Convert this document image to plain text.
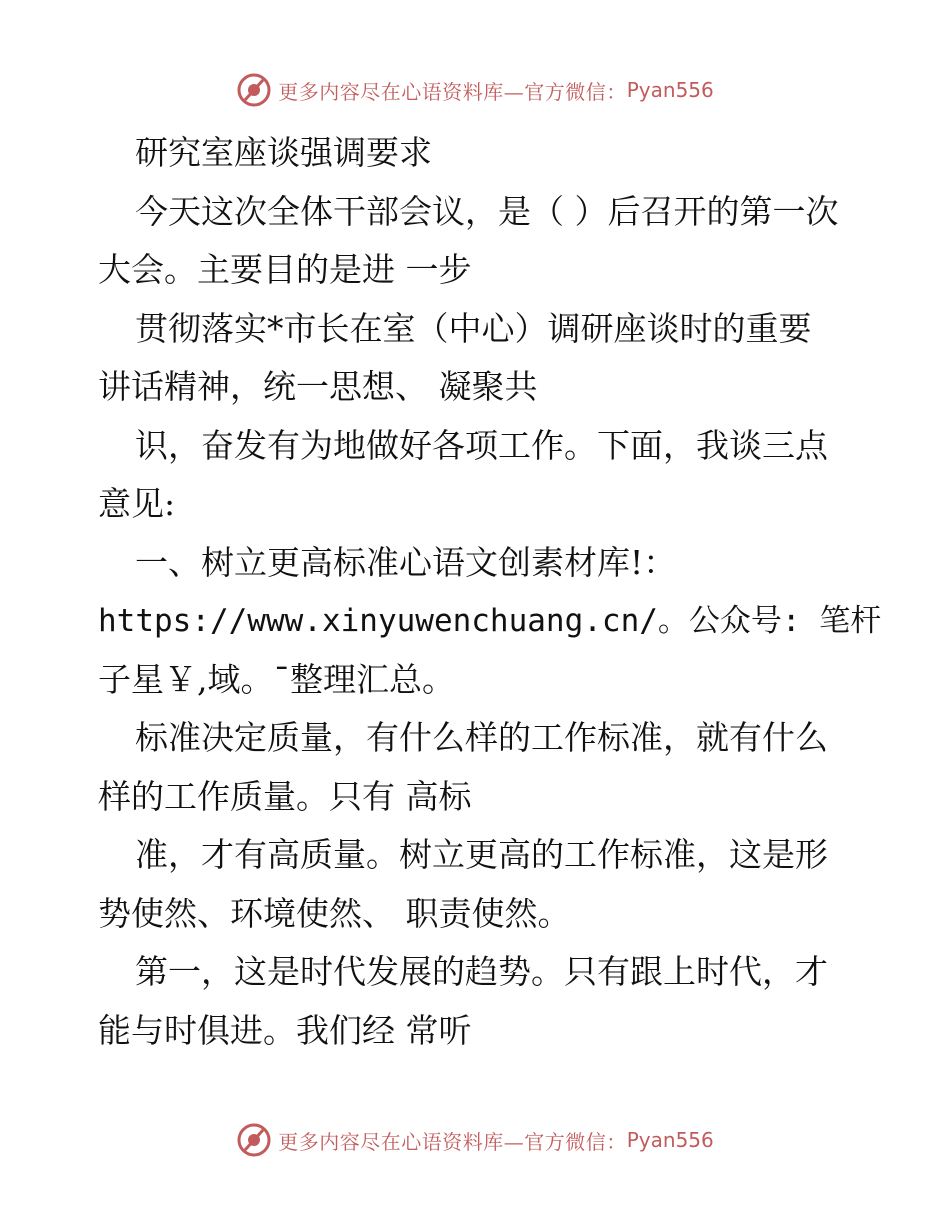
更多内容尽在心语资料库—官方微信： Pyan556
研究室座谈强调要求
今天这次全体干部会议，是（ ）后召开的第一次
大会。主要目的是进 一步
贯彻落实*市长在室（中心）调研座谈时的重要
讲话精神，统一思想、 凝聚共
识，奋发有为地做好各项工作。下面，我谈三点
意见:
一、树立更高标准心语文创素材库!：
https://www.xinyuwenchuang.cn/。公众号: 笔杆
子星￥,域。¯整理汇总。
标准决定质量，有什么样的工作标准，就有什么
样的工作质量。只有 高标
准，才有高质量。树立更高的工作标准，这是形
势使然、环境使然、 职责使然。
第一，这是时代发展的趋势。只有跟上时代，才
能与时俱进。我们经 常听
更多内容尽在心语资料库—官方微信： Pyan556
